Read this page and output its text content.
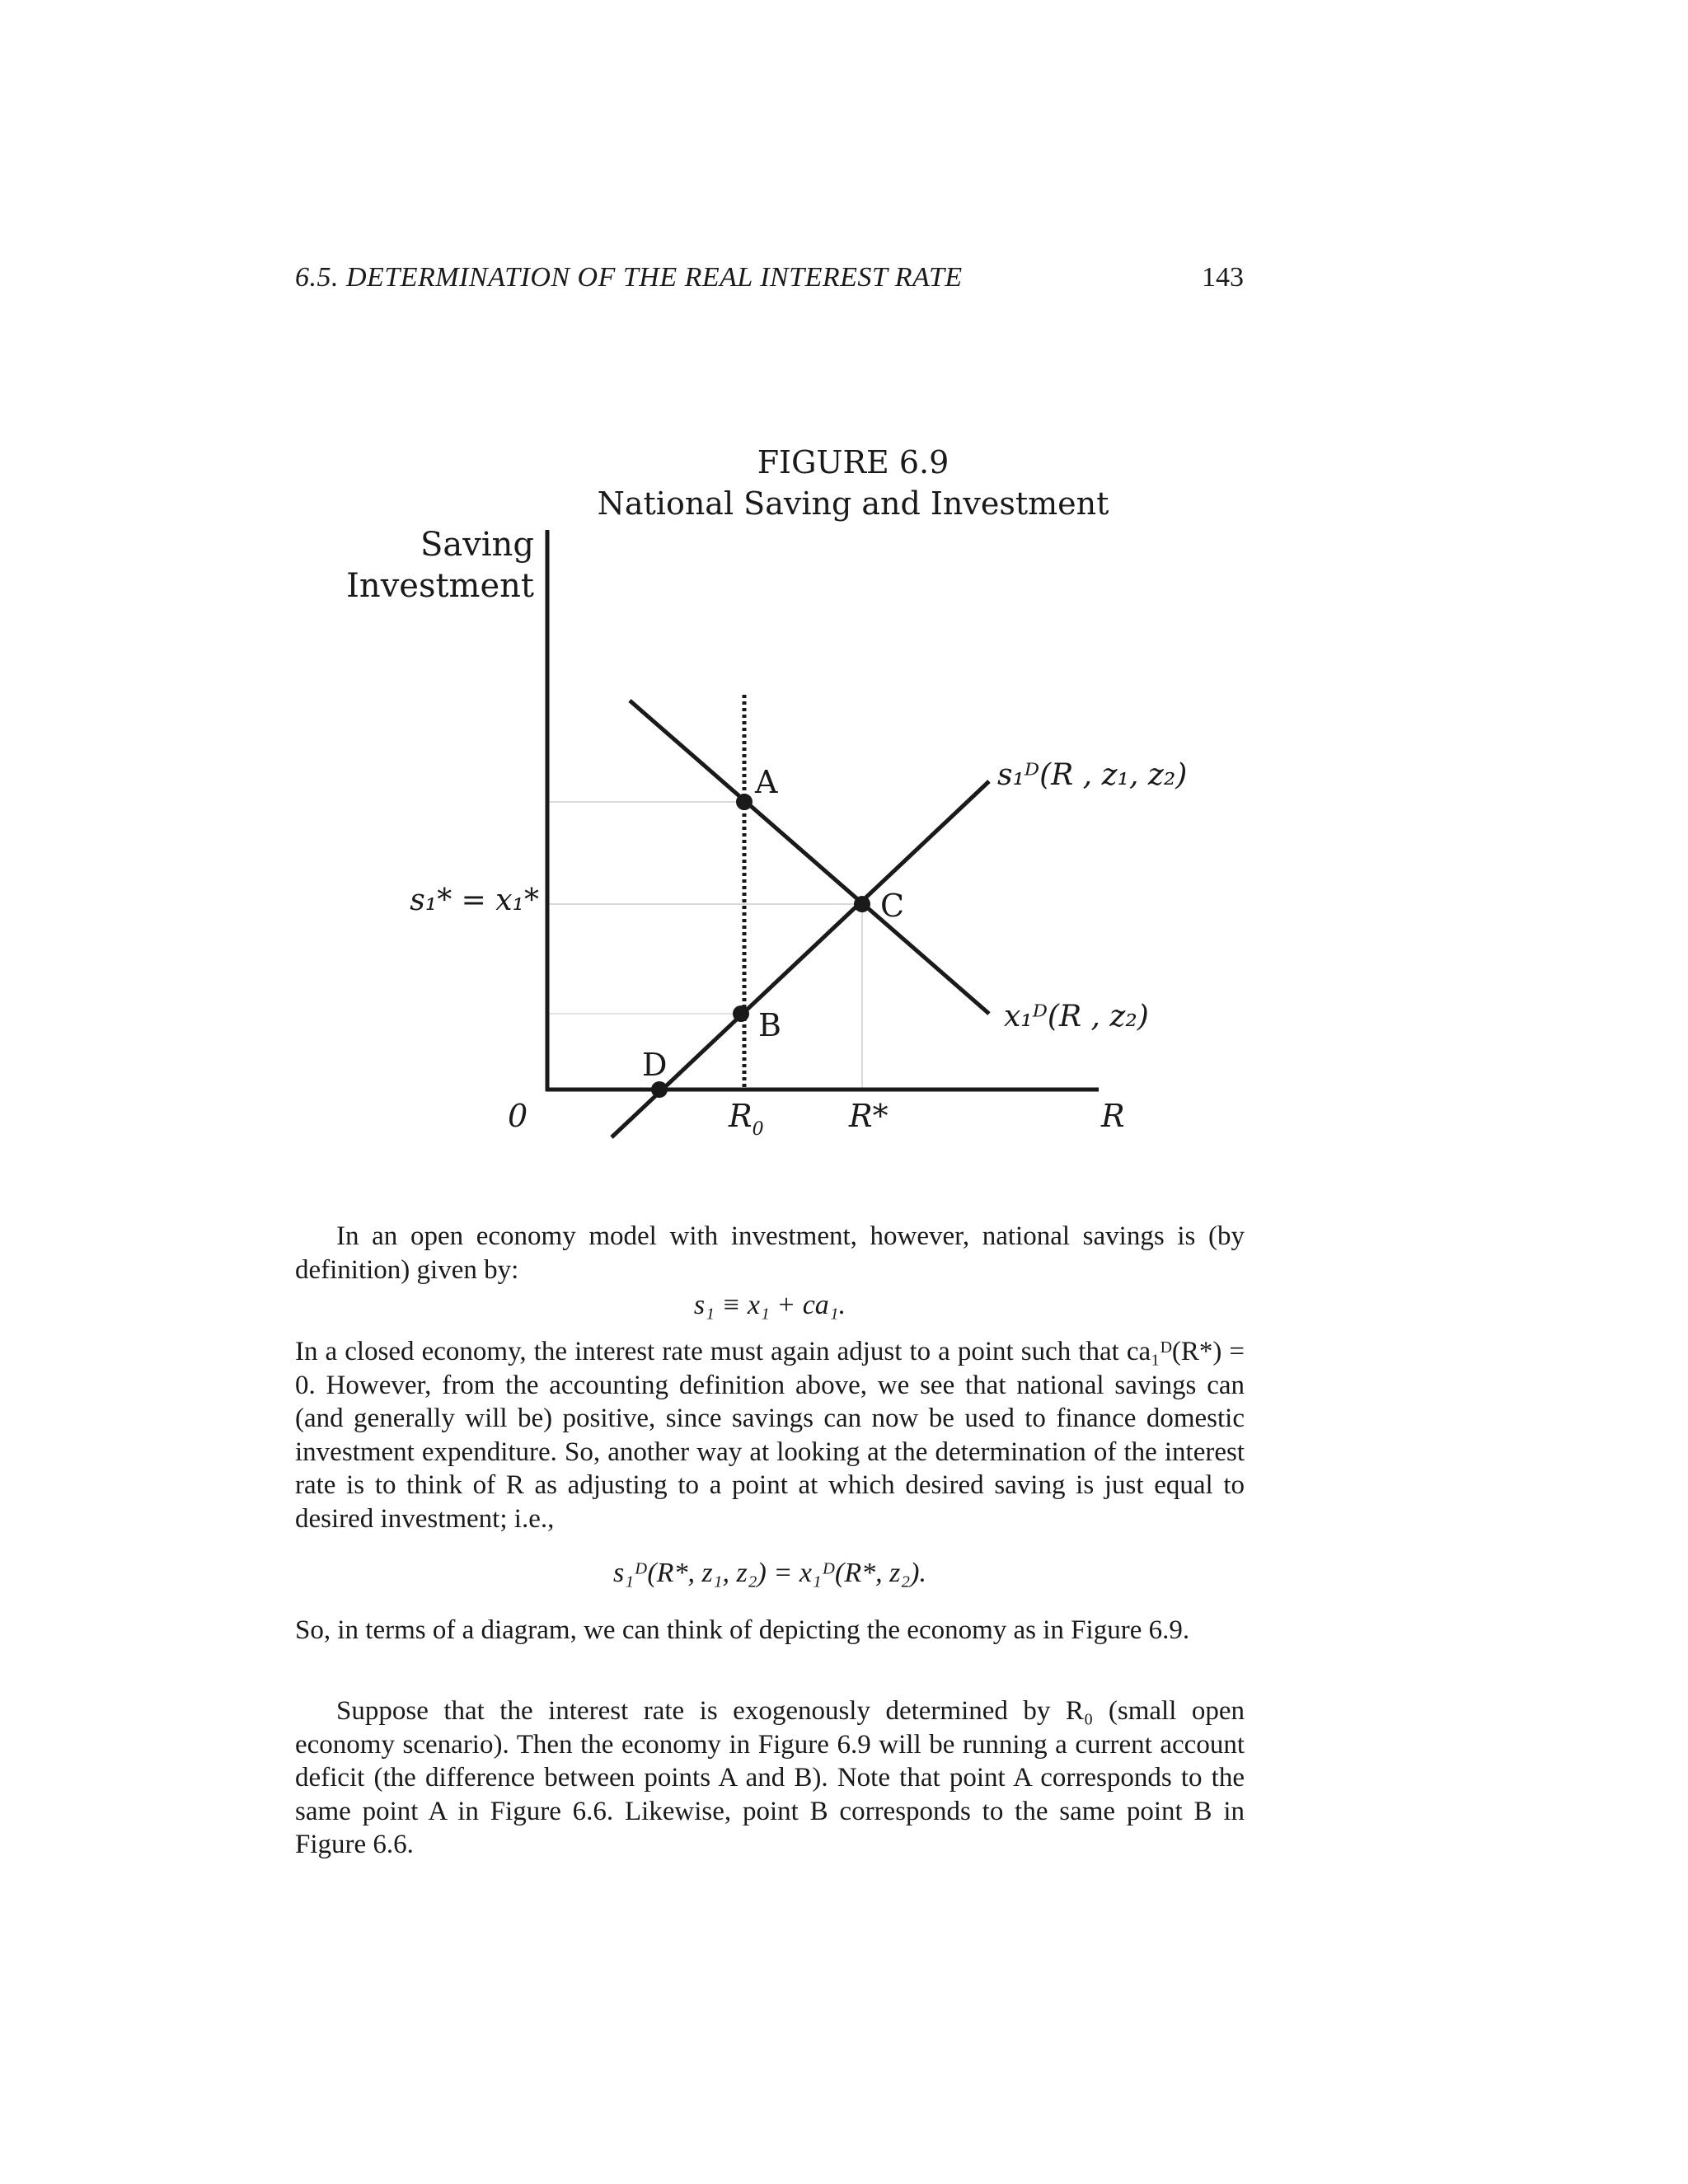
6.5. DETERMINATION OF THE REAL INTEREST RATE	143
FIGURE 6.9
National Saving and Investment
Saving
Investment
A
C
B
D
0	$R_0$	R*	R
s₁* = x₁*
s₁ᴰ(R , z₁, z₂)
x₁ᴰ(R , z₂)

In an open economy model with investment, however, national savings is (by definition) given by:

s₁ ≡ x₁ + ca₁.

In a closed economy, the interest rate must again adjust to a point such that ca₁ᴰ(R*) = 0. However, from the accounting definition above, we see that national savings can (and generally will be) positive, since savings can now be used to finance domestic investment expenditure. So, another way at looking at the determination of the interest rate is to think of R as adjusting to a point at which desired saving is just equal to desired investment; i.e.,

s₁ᴰ(R*, z₁, z₂) = x₁ᴰ(R*, z₂).

So, in terms of a diagram, we can think of depicting the economy as in Figure 6.9.

Suppose that the interest rate is exogenously determined by R₀ (small open economy scenario). Then the economy in Figure 6.9 will be running a current account deficit (the difference between points A and B). Note that point A corresponds to the same point A in Figure 6.6. Likewise, point B corresponds to the same point B in Figure 6.6.
